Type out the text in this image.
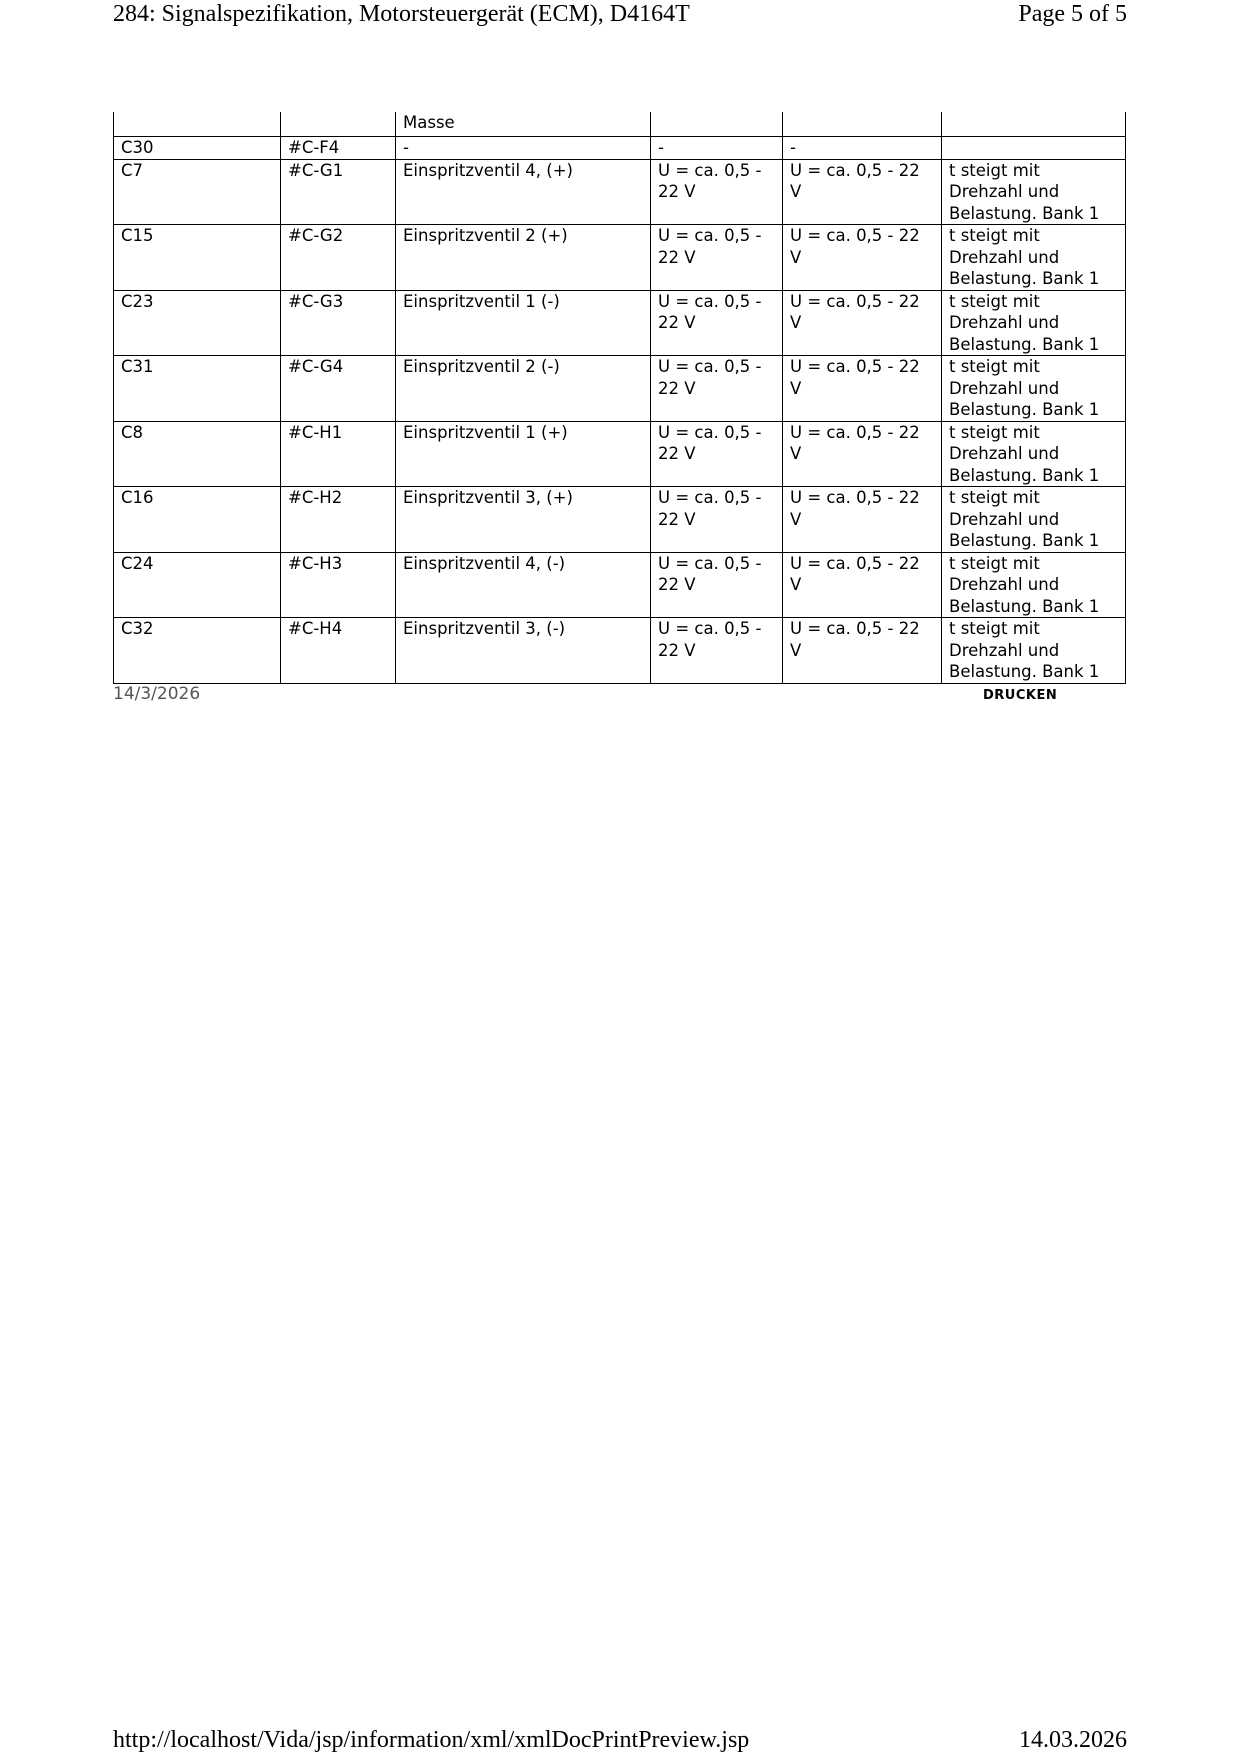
284: Signalspezifikation, Motorsteuergerät (ECM), D4164T	Page 5 of 5
		Masse			
C30	#C-F4	-	-	-	
C7	#C-G1	Einspritzventil 4, (+)	U = ca. 0,5 - 22 V	U = ca. 0,5 - 22 V	t steigt mit Drehzahl und Belastung. Bank 1
C15	#C-G2	Einspritzventil 2 (+)	U = ca. 0,5 - 22 V	U = ca. 0,5 - 22 V	t steigt mit Drehzahl und Belastung. Bank 1
C23	#C-G3	Einspritzventil 1 (-)	U = ca. 0,5 - 22 V	U = ca. 0,5 - 22 V	t steigt mit Drehzahl und Belastung. Bank 1
C31	#C-G4	Einspritzventil 2 (-)	U = ca. 0,5 - 22 V	U = ca. 0,5 - 22 V	t steigt mit Drehzahl und Belastung. Bank 1
C8	#C-H1	Einspritzventil 1 (+)	U = ca. 0,5 - 22 V	U = ca. 0,5 - 22 V	t steigt mit Drehzahl und Belastung. Bank 1
C16	#C-H2	Einspritzventil 3, (+)	U = ca. 0,5 - 22 V	U = ca. 0,5 - 22 V	t steigt mit Drehzahl und Belastung. Bank 1
C24	#C-H3	Einspritzventil 4, (-)	U = ca. 0,5 - 22 V	U = ca. 0,5 - 22 V	t steigt mit Drehzahl und Belastung. Bank 1
C32	#C-H4	Einspritzventil 3, (-)	U = ca. 0,5 - 22 V	U = ca. 0,5 - 22 V	t steigt mit Drehzahl und Belastung. Bank 1
14/3/2026	DRUCKEN
http://localhost/Vida/jsp/information/xml/xmlDocPrintPreview.jsp	14.03.2026
